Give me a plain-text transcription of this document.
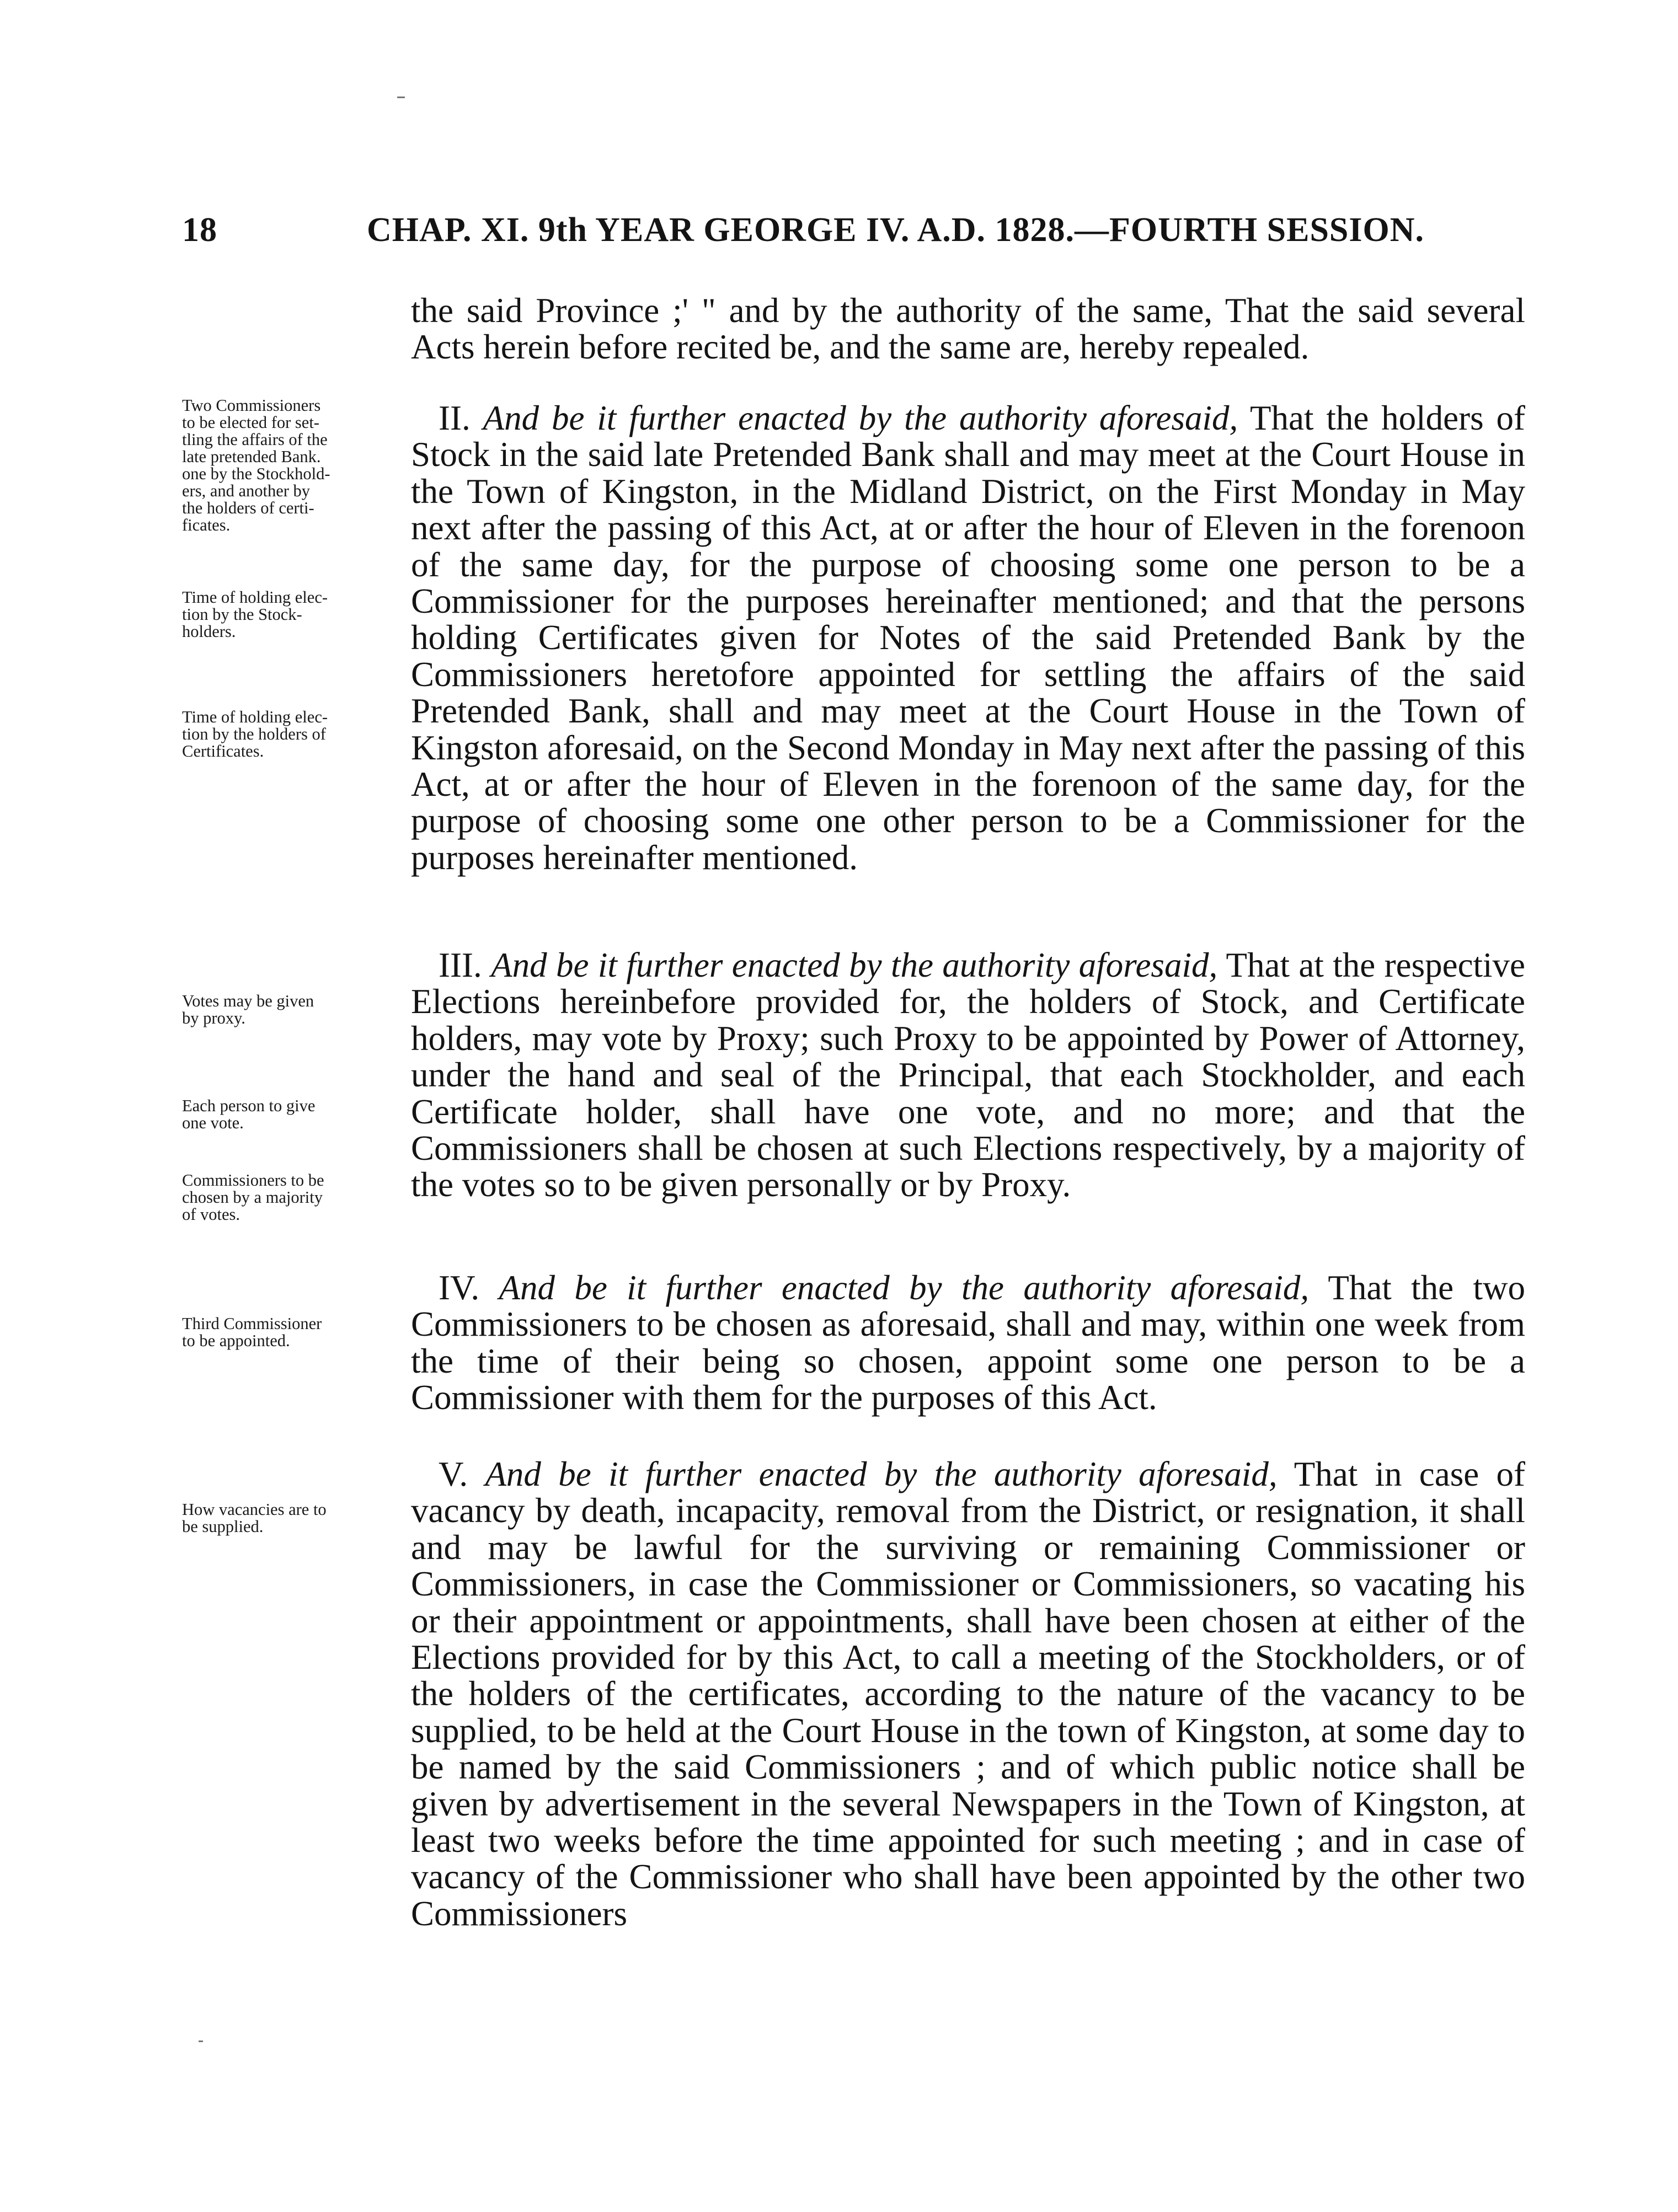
18	CHAP. XI. 9th YEAR GEORGE IV. A.D. 1828.—FOURTH SESSION.

the said Province ;' " and by the authority of the same, That the said several Acts herein before recited be, and the same are, hereby repealed.

II. And be it further enacted by the authority aforesaid, That the holders of Stock in the said late Pretended Bank shall and may meet at the Court House in the Town of Kingston, in the Midland District, on the First Monday in May next after the passing of this Act, at or after the hour of Eleven in the forenoon of the same day, for the purpose of choosing some one person to be a Commissioner for the purposes hereinafter mentioned; and that the persons holding Certificates given for Notes of the said Pretended Bank by the Commissioners heretofore appointed for settling the affairs of the said Pretended Bank, shall and may meet at the Court House in the Town of Kingston aforesaid, on the Second Monday in May next after the passing of this Act, at or after the hour of Eleven in the forenoon of the same day, for the purpose of choosing some one other person to be a Commissioner for the purposes hereinafter mentioned.

III. And be it further enacted by the authority aforesaid, That at the respective Elections hereinbefore provided for, the holders of Stock, and Certificate holders, may vote by Proxy; such Proxy to be appointed by Power of Attorney, under the hand and seal of the Principal, that each Stockholder, and each Certificate holder, shall have one vote, and no more; and that the Commissioners shall be chosen at such Elections respectively, by a majority of the votes so to be given personally or by Proxy.

IV. And be it further enacted by the authority aforesaid, That the two Commissioners to be chosen as aforesaid, shall and may, within one week from the time of their being so chosen, appoint some one person to be a Commissioner with them for the purposes of this Act.

V. And be it further enacted by the authority aforesaid, That in case of vacancy by death, incapacity, removal from the District, or resignation, it shall and may be lawful for the surviving or remaining Commissioner or Commissioners, in case the Commissioner or Commissioners, so vacating his or their appointment or appointments, shall have been chosen at either of the Elections provided for by this Act, to call a meeting of the Stockholders, or of the holders of the certificates, according to the nature of the vacancy to be supplied, to be held at the Court House in the town of Kingston, at some day to be named by the said Commissioners ; and of which public notice shall be given by advertisement in the several Newspapers in the Town of Kingston, at least two weeks before the time appointed for such meeting ; and in case of vacancy of the Commissioner who shall have been appointed by the other two Commissioners

Two Commissioners
to be elected for set-
tling the affairs of the
late pretended Bank.
one by the Stockhold-
ers, and another by
the holders of certi-
ficates.
Time of holding elec-
tion by the Stock-
holders.
Time of holding elec-
tion by the holders of
Certificates.
Votes may be given
by proxy.
Each person to give
one vote.
Commissioners to be
chosen by a majority
of votes.
Third Commissioner
to be appointed.
How vacancies are to
be supplied.
